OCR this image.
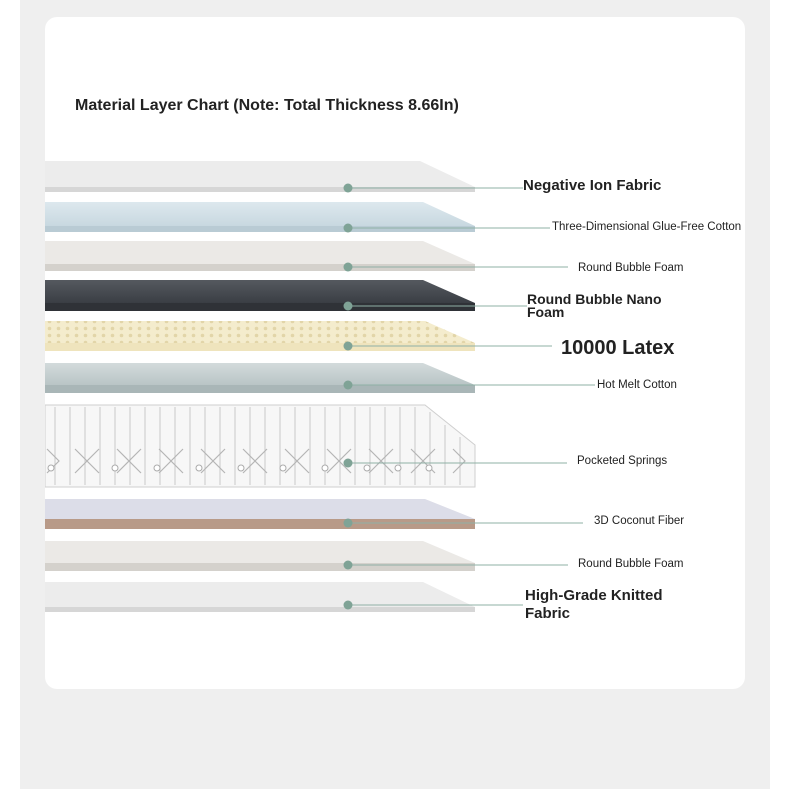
Material Layer Chart (Note: Total Thickness 8.66In)
Negative Ion Fabric
Three-Dimensional Glue-Free Cotton
Round Bubble Foam
Round Bubble Nano Foam
10000 Latex
Hot Melt Cotton
Pocketed Springs
3D Coconut Fiber
Round Bubble Foam
High-Grade Knitted Fabric
